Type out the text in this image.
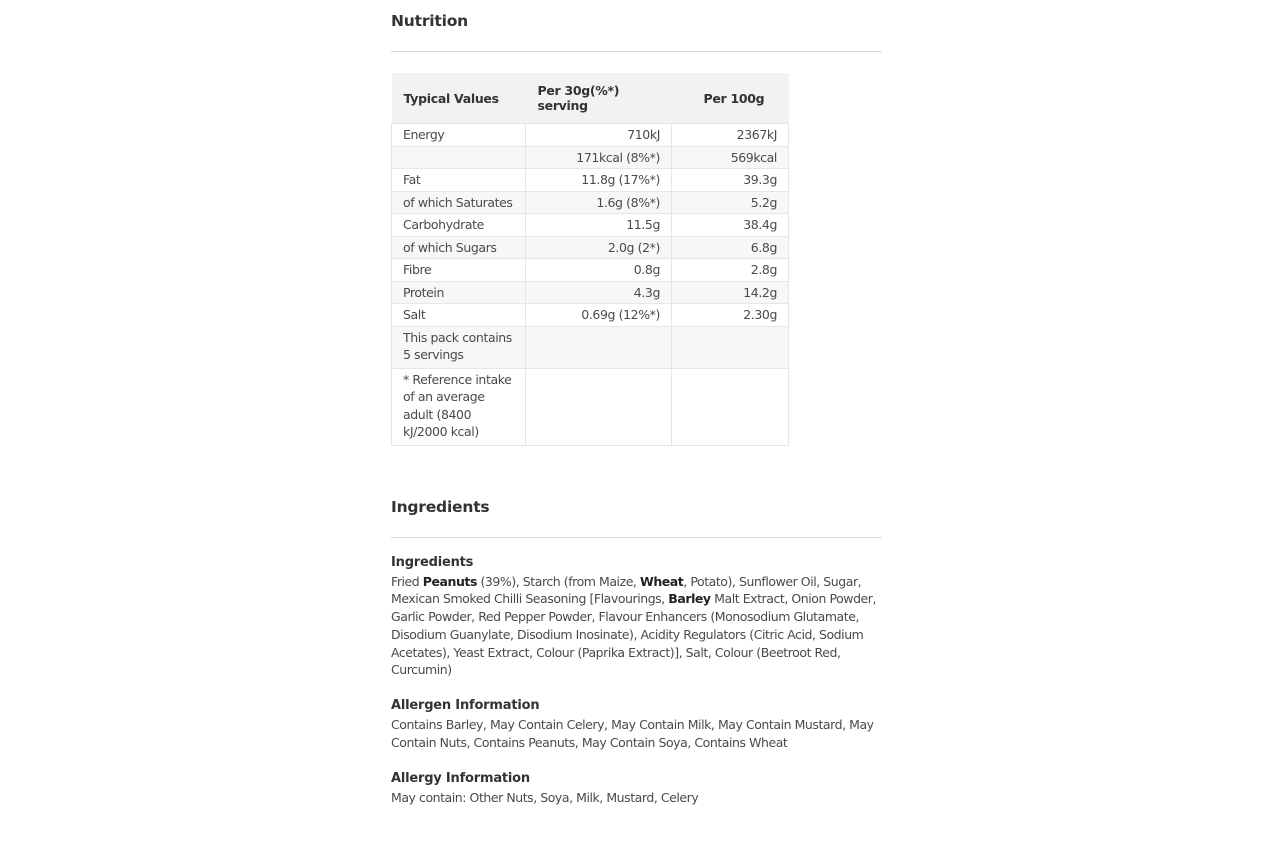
Nutrition
Typical Values	Per 30g(%*) serving	Per 100g
Energy	710kJ	2367kJ
	171kcal (8%*)	569kcal
Fat	11.8g (17%*)	39.3g
of which Saturates	1.6g (8%*)	5.2g
Carbohydrate	11.5g	38.4g
of which Sugars	2.0g (2*)	6.8g
Fibre	0.8g	2.8g
Protein	4.3g	14.2g
Salt	0.69g (12%*)	2.30g
This pack contains 5 servings		
* Reference intake of an average adult (8400 kJ/2000 kcal)		
Ingredients
Ingredients

Fried Peanuts (39%), Starch (from Maize, Wheat, Potato), Sunflower Oil, Sugar, Mexican Smoked Chilli Seasoning [Flavourings, Barley Malt Extract, Onion Powder, Garlic Powder, Red Pepper Powder, Flavour Enhancers (Monosodium Glutamate, Disodium Guanylate, Disodium Inosinate), Acidity Regulators (Citric Acid, Sodium Acetates), Yeast Extract, Colour (Paprika Extract)], Salt, Colour (Beetroot Red, Curcumin)

Allergen Information

Contains Barley, May Contain Celery, May Contain Milk, May Contain Mustard, May Contain Nuts, Contains Peanuts, May Contain Soya, Contains Wheat

Allergy Information

May contain: Other Nuts, Soya, Milk, Mustard, Celery
